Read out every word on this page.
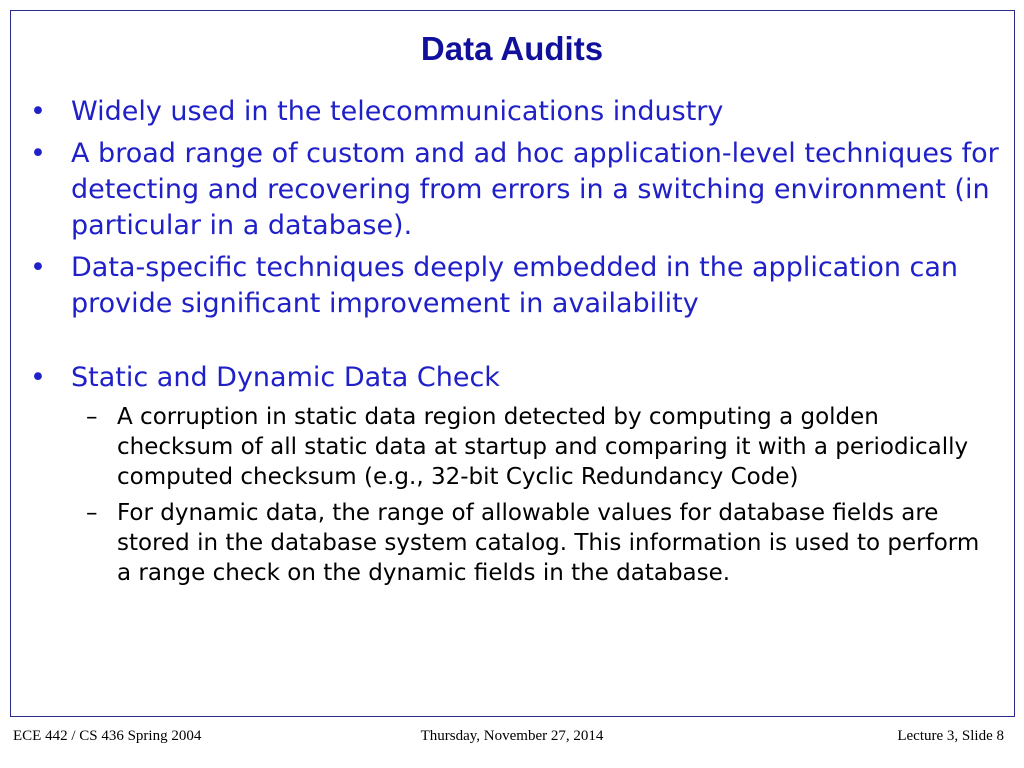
Data Audits
• Widely used in the telecommunications industry
• A broad range of custom and ad hoc application-level techniques for detecting and recovering from errors in a switching environment (in particular in a database).
• Data-specific techniques deeply embedded in the application can provide significant improvement in availability
• Static and Dynamic Data Check
– A corruption in static data region detected by computing a golden checksum of all static data at startup and comparing it with a periodically computed checksum (e.g., 32-bit Cyclic Redundancy Code)
– For dynamic data, the range of allowable values for database fields are stored in the database system catalog. This information is used to perform a range check on the dynamic fields in the database.
ECE 442 / CS 436 Spring 2004	Thursday, November 27, 2014	Lecture 3, Slide 8
